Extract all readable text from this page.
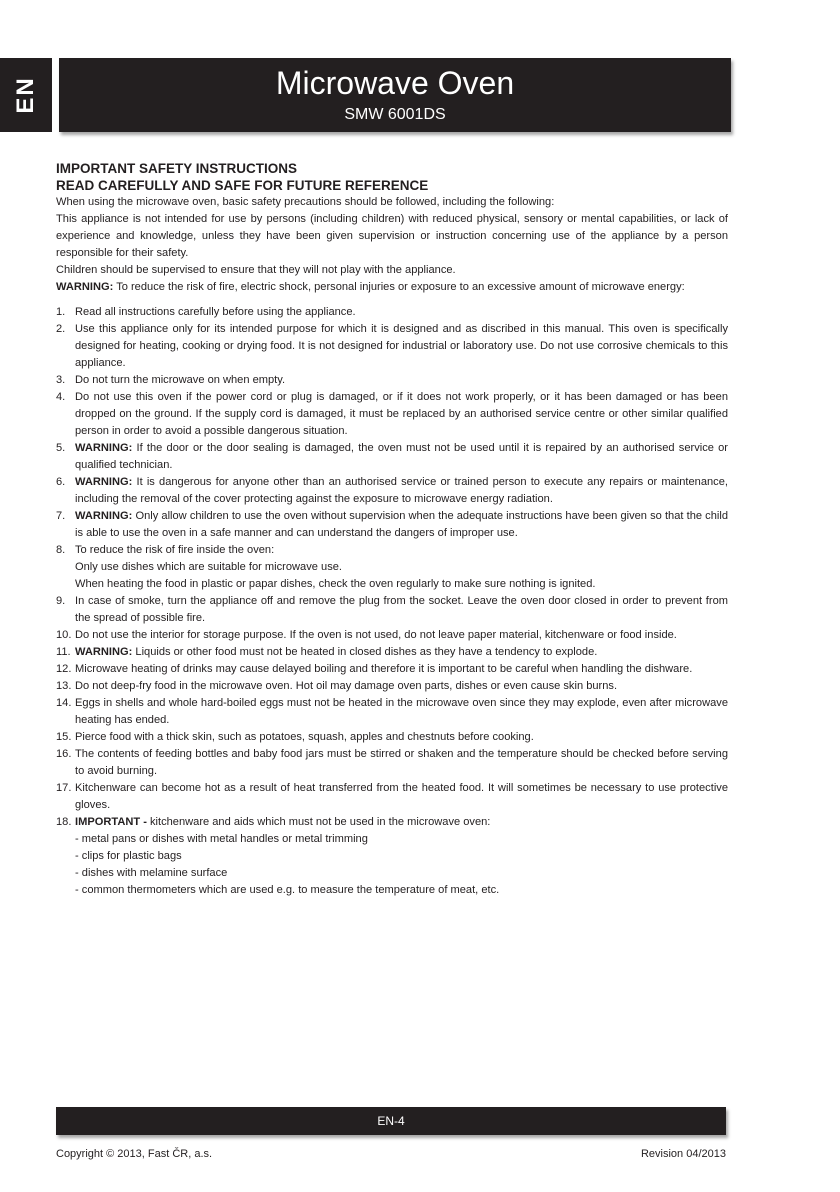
EN	Microwave Oven
SMW 6001DS
IMPORTANT SAFETY INSTRUCTIONS
READ CAREFULLY AND SAFE FOR FUTURE REFERENCE

When using the microwave oven, basic safety precautions should be followed, including the following:

This appliance is not intended for use by persons (including children) with reduced physical, sensory or mental capabilities, or lack of experience and knowledge, unless they have been given supervision or instruction concerning use of the appliance by a person responsible for their safety.

Children should be supervised to ensure that they will not play with the appliance.

WARNING: To reduce the risk of fire, electric shock, personal injuries or exposure to an excessive amount of microwave energy:

1. Read all instructions carefully before using the appliance.
2. Use this appliance only for its intended purpose for which it is designed and as discribed in this manual. This oven is specifically designed for heating, cooking or drying food. It is not designed for industrial or laboratory use. Do not use corrosive chemicals to this appliance.
3. Do not turn the microwave on when empty.
4. Do not use this oven if the power cord or plug is damaged, or if it does not work properly, or it has been damaged or has been dropped on the ground. If the supply cord is damaged, it must be replaced by an authorised service centre or other similar qualified person in order to avoid a possible dangerous situation.
5. WARNING: If the door or the door sealing is damaged, the oven must not be used until it is repaired by an authorised service or qualified technician.
6. WARNING: It is dangerous for anyone other than an authorised service or trained person to execute any repairs or maintenance, including the removal of the cover protecting against the exposure to microwave energy radiation.
7. WARNING: Only allow children to use the oven without supervision when the adequate instructions have been given so that the child is able to use the oven in a safe manner and can understand the dangers of improper use.
8. To reduce the risk of fire inside the oven:
Only use dishes which are suitable for microwave use.
When heating the food in plastic or papar dishes, check the oven regularly to make sure nothing is ignited.
9. In case of smoke, turn the appliance off and remove the plug from the socket. Leave the oven door closed in order to prevent from the spread of possible fire.
10. Do not use the interior for storage purpose. If the oven is not used, do not leave paper material, kitchenware or food inside.
11. WARNING: Liquids or other food must not be heated in closed dishes as they have a tendency to explode.
12. Microwave heating of drinks may cause delayed boiling and therefore it is important to be careful when handling the dishware.
13. Do not deep-fry food in the microwave oven. Hot oil may damage oven parts, dishes or even cause skin burns.
14. Eggs in shells and whole hard-boiled eggs must not be heated in the microwave oven since they may explode, even after microwave heating has ended.
15. Pierce food with a thick skin, such as potatoes, squash, apples and chestnuts before cooking.
16. The contents of feeding bottles and baby food jars must be stirred or shaken and the temperature should be checked before serving to avoid burning.
17. Kitchenware can become hot as a result of heat transferred from the heated food. It will sometimes be necessary to use protective gloves.
18. IMPORTANT - kitchenware and aids which must not be used in the microwave oven:
- metal pans or dishes with metal handles or metal trimming
- clips for plastic bags
- dishes with melamine surface
- common thermometers which are used e.g. to measure the temperature of meat, etc.
EN-4
Copyright © 2013, Fast ČR, a.s.	Revision 04/2013
